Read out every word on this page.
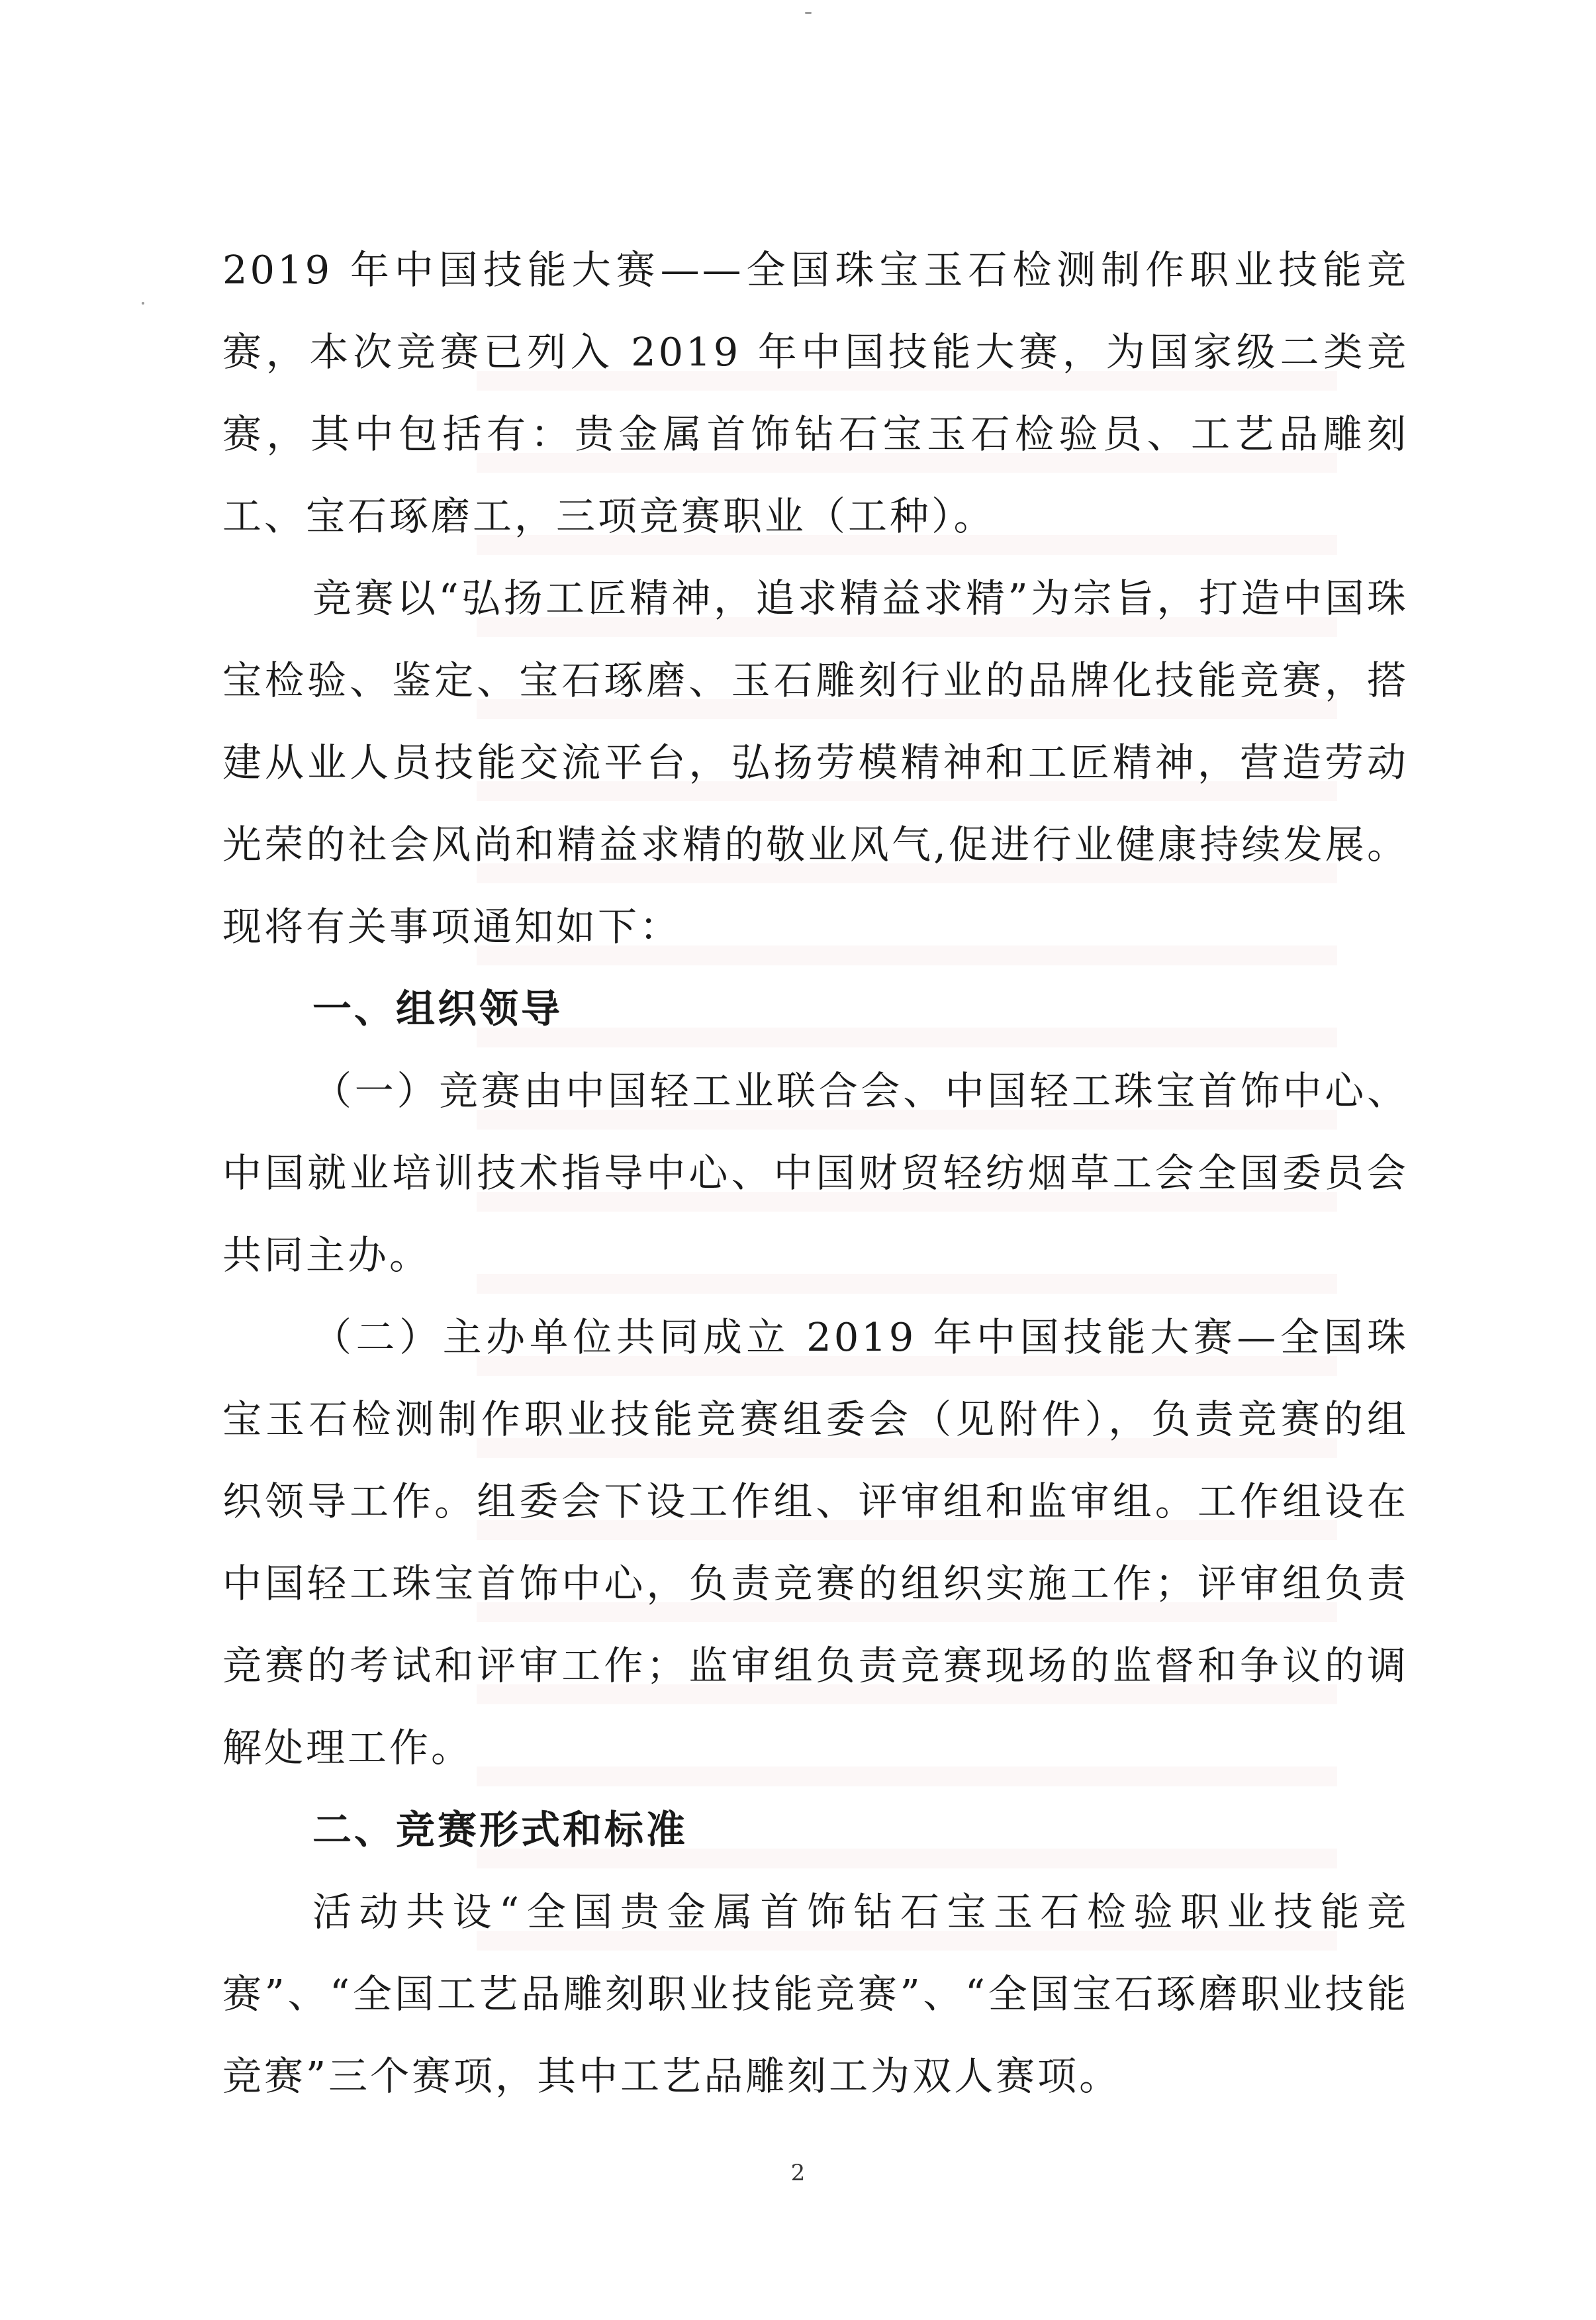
2019 年中国技能大赛——全国珠宝玉石检测制作职业技能竞赛，本次竞赛已列入 2019 年中国技能大赛，为国家级二类竞赛，其中包括有：贵金属首饰钻石宝玉石检验员、工艺品雕刻工、宝石琢磨工，三项竞赛职业（工种）。

竞赛以“弘扬工匠精神，追求精益求精”为宗旨，打造中国珠宝检验、鉴定、宝石琢磨、玉石雕刻行业的品牌化技能竞赛，搭建从业人员技能交流平台，弘扬劳模精神和工匠精神，营造劳动光荣的社会风尚和精益求精的敬业风气,促进行业健康持续发展。现将有关事项通知如下：

一、组织领导

（一）竞赛由中国轻工业联合会、中国轻工珠宝首饰中心、中国就业培训技术指导中心、中国财贸轻纺烟草工会全国委员会共同主办。

（二）主办单位共同成立 2019 年中国技能大赛—全国珠宝玉石检测制作职业技能竞赛组委会（见附件），负责竞赛的组织领导工作。组委会下设工作组、评审组和监审组。工作组设在中国轻工珠宝首饰中心，负责竞赛的组织实施工作；评审组负责竞赛的考试和评审工作；监审组负责竞赛现场的监督和争议的调解处理工作。

二、竞赛形式和标准

活动共设“全国贵金属首饰钻石宝玉石检验职业技能竞赛”、“全国工艺品雕刻职业技能竞赛”、“全国宝石琢磨职业技能竞赛”三个赛项，其中工艺品雕刻工为双人赛项。

2
